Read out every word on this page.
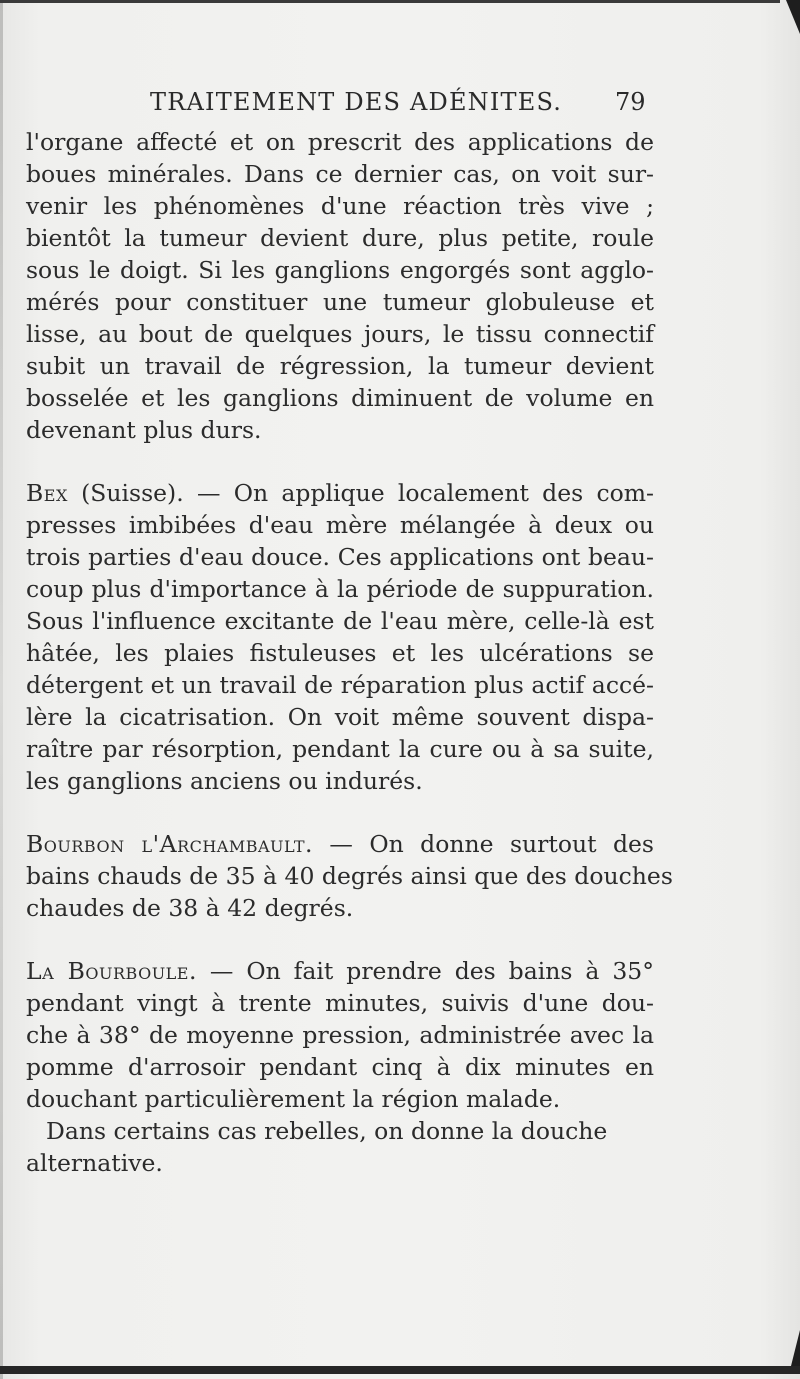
TRAITEMENT DES ADÉNITES. 79
l'organe affecté et on prescrit des applications de
boues minérales. Dans ce dernier cas, on voit sur-
venir les phénomènes d'une réaction très vive ;
bientôt la tumeur devient dure, plus petite, roule
sous le doigt. Si les ganglions engorgés sont agglo-
mérés pour constituer une tumeur globuleuse et
lisse, au bout de quelques jours, le tissu connectif
subit un travail de régression, la tumeur devient
bosselée et les ganglions diminuent de volume en
devenant plus durs.
Bex (Suisse). — On applique localement des com-
presses imbibées d'eau mère mélangée à deux ou
trois parties d'eau douce. Ces applications ont beau-
coup plus d'importance à la période de suppuration.
Sous l'influence excitante de l'eau mère, celle-là est
hâtée, les plaies fistuleuses et les ulcérations se
détergent et un travail de réparation plus actif accé-
lère la cicatrisation. On voit même souvent dispa-
raître par résorption, pendant la cure ou à sa suite,
les ganglions anciens ou indurés.
Bourbon l'Archambault. — On donne surtout des
bains chauds de 35 à 40 degrés ainsi que des douches
chaudes de 38 à 42 degrés.
La Bourboule. — On fait prendre des bains à 35°
pendant vingt à trente minutes, suivis d'une dou-
che à 38° de moyenne pression, administrée avec la
pomme d'arrosoir pendant cinq à dix minutes en
douchant particulièrement la région malade.
Dans certains cas rebelles, on donne la douche
alternative.
